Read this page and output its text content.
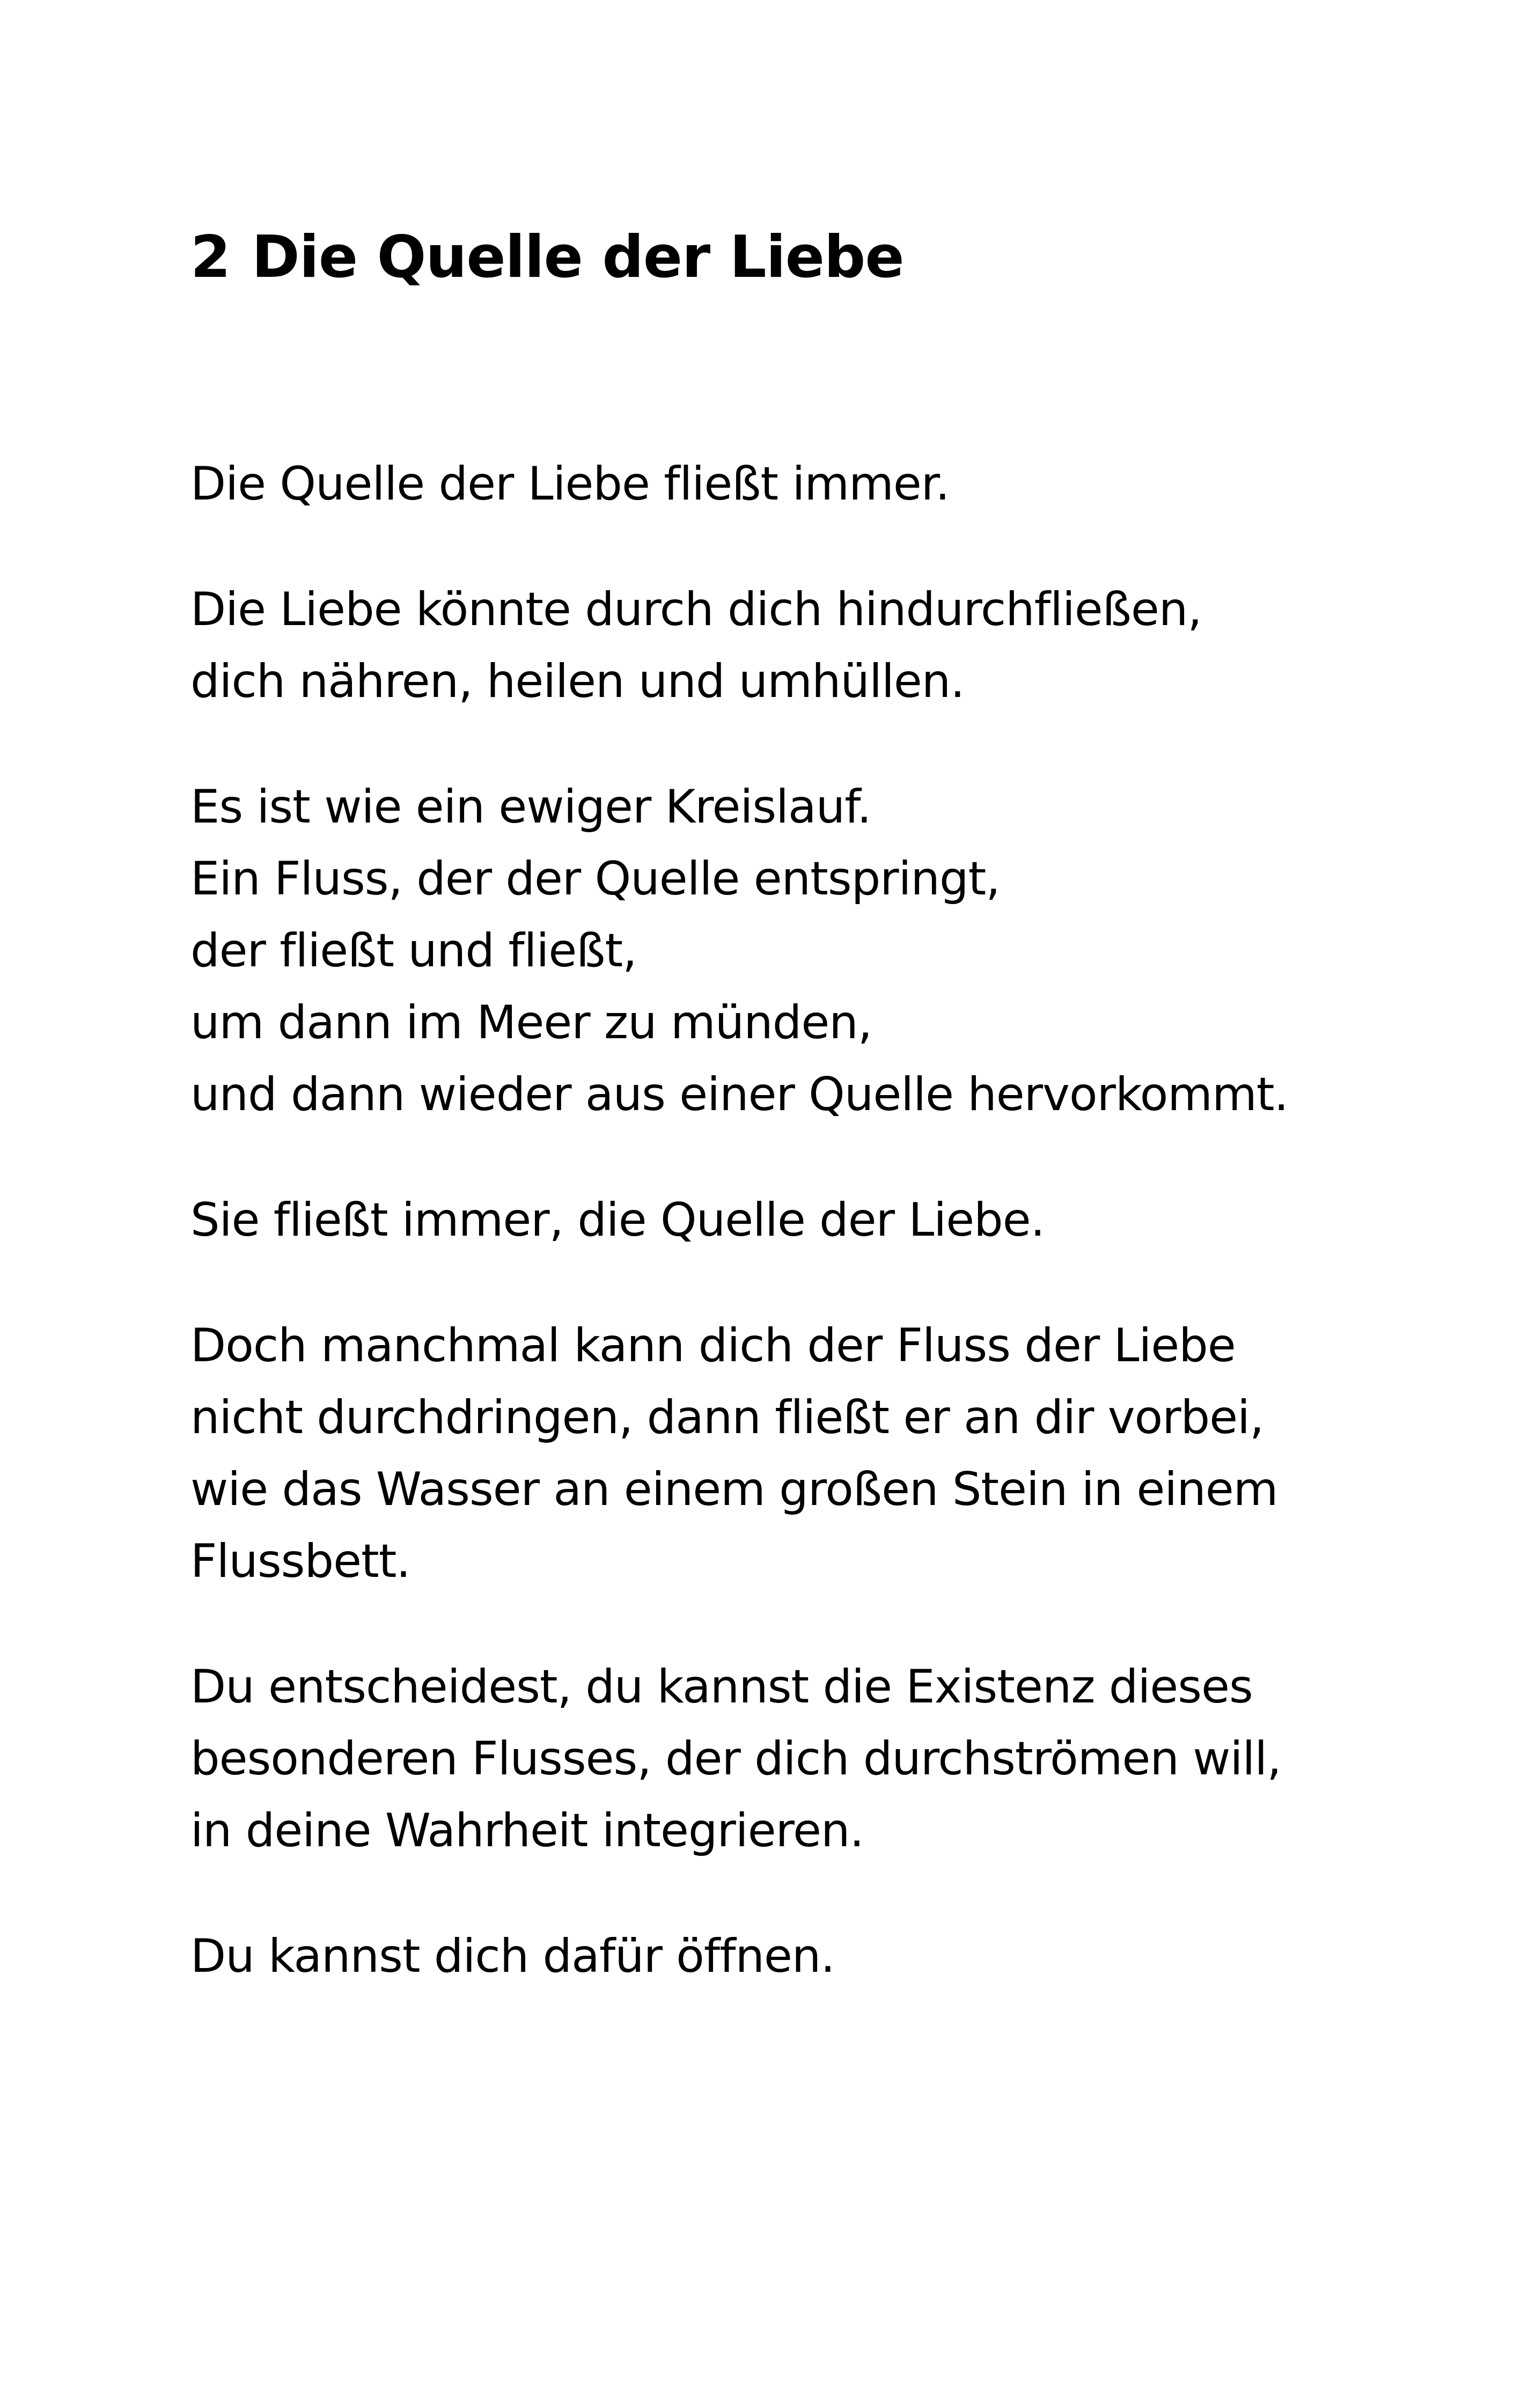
2 Die Quelle der Liebe

Die Quelle der Liebe fließt immer.

Die Liebe könnte durch dich hindurchfließen,
dich nähren, heilen und umhüllen.

Es ist wie ein ewiger Kreislauf.
Ein Fluss, der der Quelle entspringt,
der fließt und fließt,
um dann im Meer zu münden,
und dann wieder aus einer Quelle hervorkommt.

Sie fließt immer, die Quelle der Liebe.

Doch manchmal kann dich der Fluss der Liebe
nicht durchdringen, dann fließt er an dir vorbei,
wie das Wasser an einem großen Stein in einem
Flussbett.

Du entscheidest, du kannst die Existenz dieses
besonderen Flusses, der dich durchströmen will,
in deine Wahrheit integrieren.

Du kannst dich dafür öffnen.
